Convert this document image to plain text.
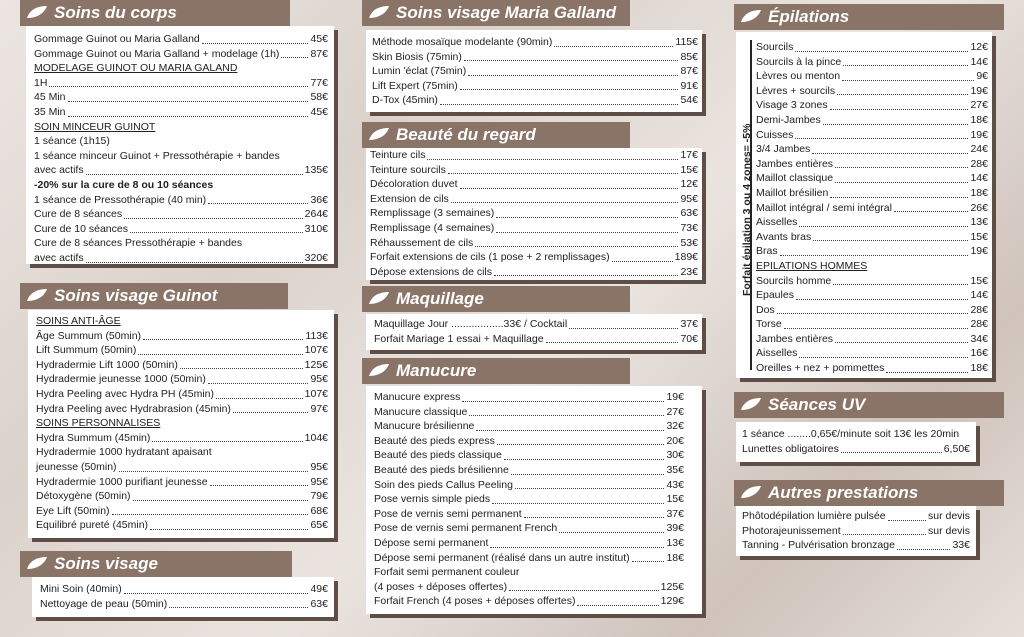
Soins du corps
Gommage Guinot ou Maria Galland	45€
Gommage Guinot ou Maria Galland + modelage (1h)	87€
MODELAGE GUINOT OU MARIA GALAND
1H	77€
45 Min	58€
35 Min	45€
SOIN MINCEUR GUINOT
1 séance (1h15)
1 séance minceur Guinot + Pressothérapie + bandes
avec actifs	135€
-20% sur la cure de 8 ou 10 séances
1 séance de Pressothérapie (40 min)	36€
Cure de 8 séances	264€
Cure de 10 séances	310€
Cure de 8 séances Pressothérapie + bandes
avec actifs	320€
Soins visage Guinot
SOINS ANTI-ÂGE
Âge Summum (50min)	113€
Lift Summum (50min)	107€
Hydradermie Lift 1000 (50min)	125€
Hydradermie jeunesse 1000 (50min)	95€
Hydra Peeling avec Hydra PH (45min)	107€
Hydra Peeling avec Hydrabrasion (45min)	97€
SOINS PERSONNALISES
Hydra Summum (45min)	104€
Hydradermie 1000 hydratant apaisant
jeunesse (50min)	95€
Hydradermie 1000 purifiant jeunesse	95€
Détoxygène (50min)	79€
Eye Lift (50min)	68€
Equilibré pureté (45min)	65€
Soins visage
Mini Soin (40min)	49€
Nettoyage de peau (50min)	63€
Soins visage Maria Galland
Méthode mosaïque modelante (90min)	115€
Skin Biosis (75min)	85€
Lumin 'éclat (75min)	87€
Lift Expert (75min)	91€
D-Tox (45min)	54€
Beauté du regard
Teinture cils	17€
Teinture sourcils	15€
Décoloration duvet	12€
Extension de cils	95€
Remplissage (3 semaines)	63€
Remplissage (4 semaines)	73€
Réhaussement de cils	53€
Forfait extensions de cils (1 pose + 2 remplissages)	189€
Dépose extensions de cils	23€
Maquillage
Maquillage Jour ..................33€ / Cocktail	37€
Forfait Mariage 1 essai + Maquillage	70€
Manucure
Manucure express	19€
Manucure classique	27€
Manucure brésilienne	32€
Beauté des pieds express	20€
Beauté des pieds classique	30€
Beauté des pieds brésilienne	35€
Soin des pieds Callus Peeling	43€
Pose vernis simple pieds	15€
Pose de vernis semi permanent	37€
Pose de vernis semi permanent French	39€
Dépose semi permanent	13€
Dépose semi permanent (réalisé dans un autre institut)	18€
Forfait semi permanent couleur
(4 poses + déposes offertes)	125€
Forfait French (4 poses + déposes offertes)	129€
Épilations
Forfait épilation 3 ou 4 zones= -5%
Sourcils	12€
Sourcils à la pince	14€
Lèvres ou menton	9€
Lèvres + sourcils	19€
Visage 3 zones	27€
Demi-Jambes	18€
Cuisses	19€
3/4 Jambes	24€
Jambes entières	28€
Maillot classique	14€
Maillot brésilien	18€
Maillot intégral / semi intégral	26€
Aisselles	13€
Avants bras	15€
Bras	19€
EPILATIONS HOMMES
Sourcils homme	15€
Epaules	14€
Dos	28€
Torse	28€
Jambes entières	34€
Aisselles	16€
Oreilles + nez + pommettes	18€
Séances UV
1 séance ........0,65€/minute soit 13€ les 20min
Lunettes obligatoires	6,50€
Autres prestations
Phôtodépilation lumière pulsée	sur devis
Photorajeunissement	sur devis
Tanning - Pulvérisation bronzage	33€
